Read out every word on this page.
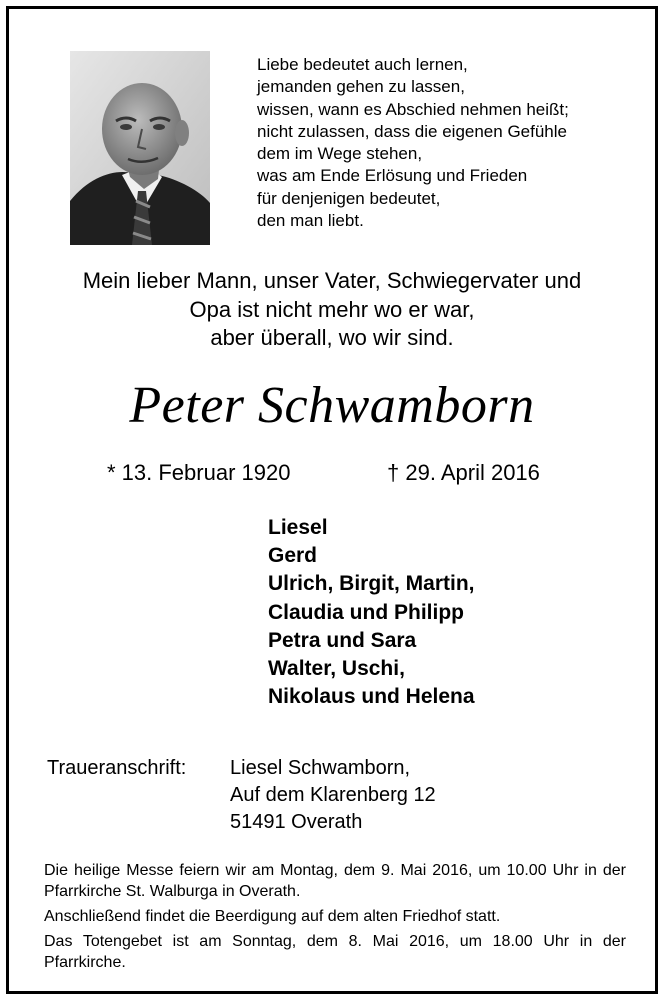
Liebe bedeutet auch lernen,
jemanden gehen zu lassen,
wissen, wann es Abschied nehmen heißt;
nicht zulassen, dass die eigenen Gefühle
dem im Wege stehen,
was am Ende Erlösung und Frieden
für denjenigen bedeutet,
den man liebt.
Mein lieber Mann, unser Vater, Schwiegervater und
Opa ist nicht mehr wo er war,
aber überall, wo wir sind.
Peter Schwamborn
* 13. Februar 1920	† 29. April 2016
Liesel
Gerd
Ulrich, Birgit, Martin,
Claudia und Philipp
Petra und Sara
Walter, Uschi,
Nikolaus und Helena
Traueranschrift: Liesel Schwamborn,
Auf dem Klarenberg 12
51491 Overath
Die heilige Messe feiern wir am Montag, dem 9. Mai 2016, um 10.00 Uhr in der Pfarrkirche St. Walburga in Overath.
Anschließend findet die Beerdigung auf dem alten Friedhof statt.
Das Totengebet ist am Sonntag, dem 8. Mai 2016, um 18.00 Uhr in der Pfarrkirche.
